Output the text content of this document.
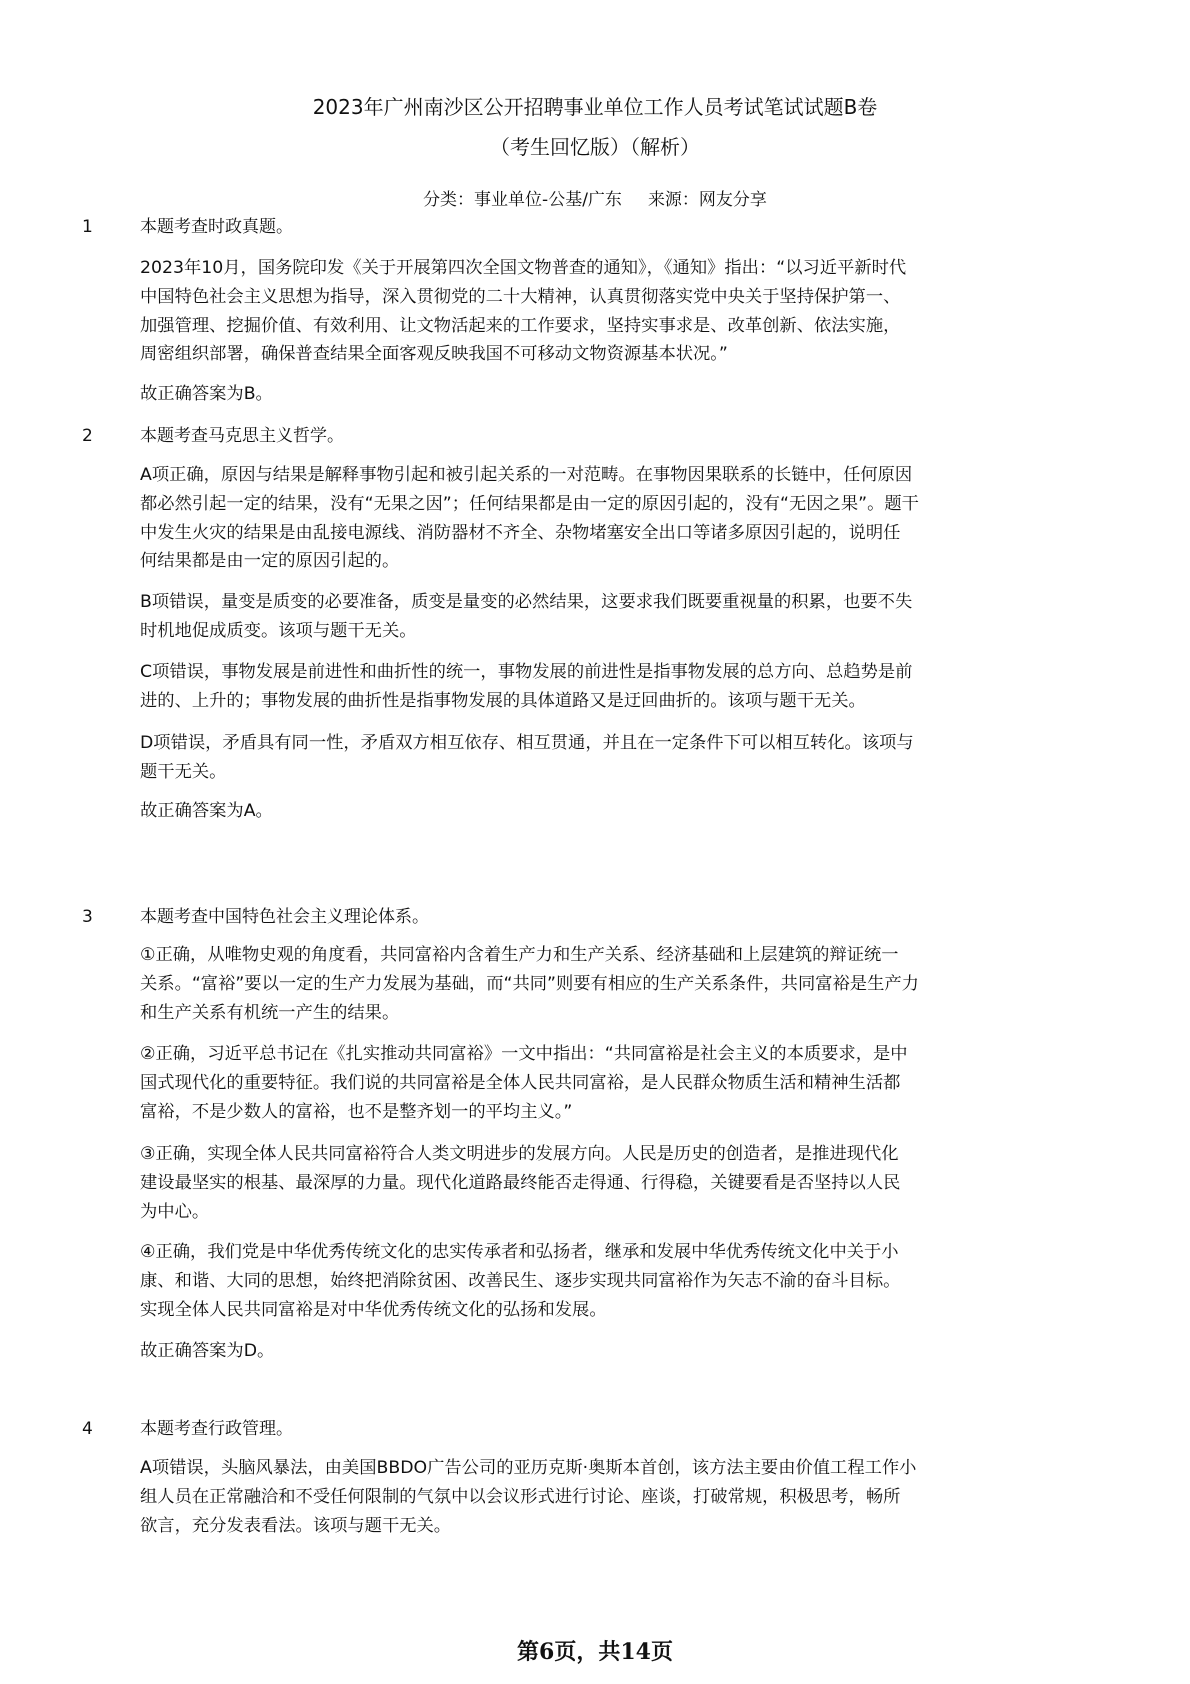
2023年广州南沙区公开招聘事业单位工作人员考试笔试试题B卷
（考生回忆版）（解析）
分类：事业单位-公基/广东 来源：网友分享
1	本题考查时政真题。

2023年10月，国务院印发《关于开展第四次全国文物普查的通知》，《通知》指出：“以习近平新时代
中国特色社会主义思想为指导，深入贯彻党的二十大精神，认真贯彻落实党中央关于坚持保护第一、
加强管理、挖掘价值、有效利用、让文物活起来的工作要求，坚持实事求是、改革创新、依法实施，
周密组织部署，确保普查结果全面客观反映我国不可移动文物资源基本状况。”

故正确答案为B。

2	本题考查马克思主义哲学。

A项正确，原因与结果是解释事物引起和被引起关系的一对范畴。在事物因果联系的长链中，任何原因
都必然引起一定的结果，没有“无果之因”；任何结果都是由一定的原因引起的，没有“无因之果”。题干
中发生火灾的结果是由乱接电源线、消防器材不齐全、杂物堵塞安全出口等诸多原因引起的，说明任
何结果都是由一定的原因引起的。

B项错误，量变是质变的必要准备，质变是量变的必然结果，这要求我们既要重视量的积累，也要不失
时机地促成质变。该项与题干无关。

C项错误，事物发展是前进性和曲折性的统一，事物发展的前进性是指事物发展的总方向、总趋势是前
进的、上升的；事物发展的曲折性是指事物发展的具体道路又是迂回曲折的。该项与题干无关。

D项错误，矛盾具有同一性，矛盾双方相互依存、相互贯通，并且在一定条件下可以相互转化。该项与
题干无关。

故正确答案为A。

3	本题考查中国特色社会主义理论体系。

①正确，从唯物史观的角度看，共同富裕内含着生产力和生产关系、经济基础和上层建筑的辩证统一
关系。“富裕”要以一定的生产力发展为基础，而“共同”则要有相应的生产关系条件，共同富裕是生产力
和生产关系有机统一产生的结果。

②正确，习近平总书记在《扎实推动共同富裕》一文中指出：“共同富裕是社会主义的本质要求，是中
国式现代化的重要特征。我们说的共同富裕是全体人民共同富裕，是人民群众物质生活和精神生活都
富裕，不是少数人的富裕，也不是整齐划一的平均主义。”

③正确，实现全体人民共同富裕符合人类文明进步的发展方向。人民是历史的创造者，是推进现代化
建设最坚实的根基、最深厚的力量。现代化道路最终能否走得通、行得稳，关键要看是否坚持以人民
为中心。

④正确，我们党是中华优秀传统文化的忠实传承者和弘扬者，继承和发展中华优秀传统文化中关于小
康、和谐、大同的思想，始终把消除贫困、改善民生、逐步实现共同富裕作为矢志不渝的奋斗目标。
实现全体人民共同富裕是对中华优秀传统文化的弘扬和发展。

故正确答案为D。

4	本题考查行政管理。

A项错误，头脑风暴法，由美国BBDO广告公司的亚历克斯·奥斯本首创，该方法主要由价值工程工作小
组人员在正常融洽和不受任何限制的气氛中以会议形式进行讨论、座谈，打破常规，积极思考，畅所
欲言，充分发表看法。该项与题干无关。

第6页，共14页
